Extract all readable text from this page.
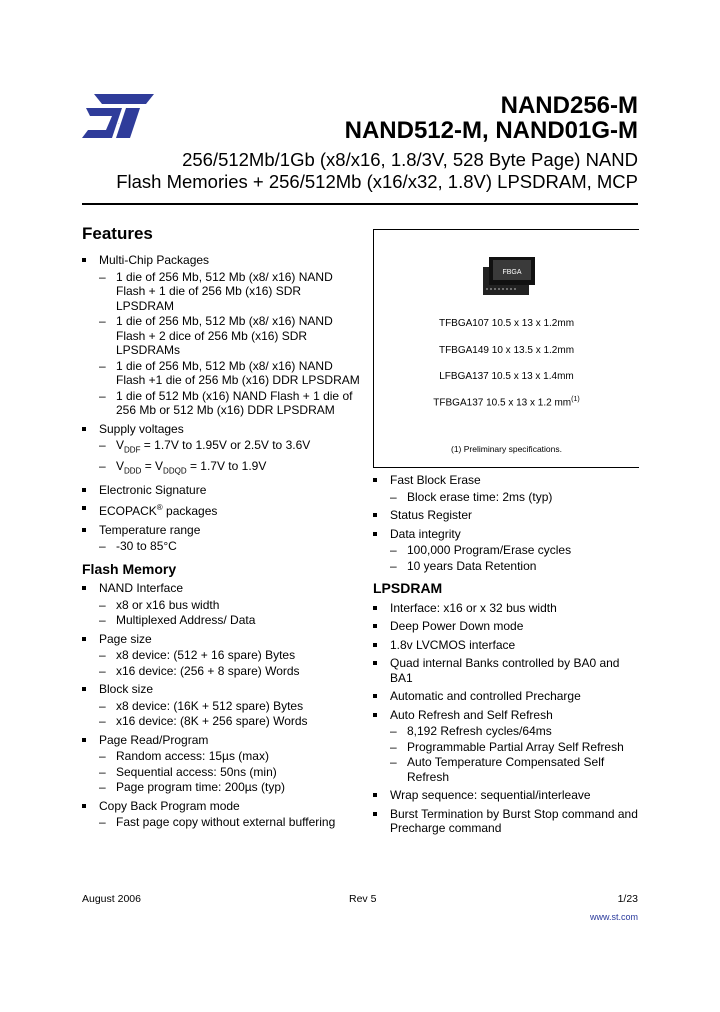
ST
NAND256-M
NAND512-M, NAND01G-M
256/512Mb/1Gb (x8/x16, 1.8/3V, 528 Byte Page) NAND
Flash Memories + 256/512Mb (x16/x32, 1.8V) LPSDRAM, MCP
Features
Multi-Chip Packages
– 1 die of 256 Mb, 512 Mb (x8/ x16) NAND Flash + 1 die of 256 Mb (x16) SDR LPSDRAM
– 1 die of 256 Mb, 512 Mb (x8/ x16) NAND Flash + 2 dice of 256 Mb (x16) SDR LPSDRAMs
– 1 die of 256 Mb, 512 Mb (x8/ x16) NAND Flash +1 die of 256 Mb (x16) DDR LPSDRAM
– 1 die of 512 Mb (x16) NAND Flash + 1 die of 256 Mb or 512 Mb (x16) DDR LPSDRAM
Supply voltages
– $V_{DDF} = 1.7V$ to 1.95V or 2.5V to 3.6V
– $V_{DDD} = V_{DDQD} = 1.7V$ to 1.9V
Electronic Signature
ECOPACK® packages
Temperature range
– -30 to 85°C
Flash Memory
NAND Interface
– x8 or x16 bus width
– Multiplexed Address/ Data
Page size
– x8 device: (512 + 16 spare) Bytes
– x16 device: (256 + 8 spare) Words
Block size
– x8 device: (16K + 512 spare) Bytes
– x16 device: (8K + 256 spare) Words
Page Read/Program
– Random access: 15µs (max)
– Sequential access: 50ns (min)
– Page program time: 200µs (typ)
Copy Back Program mode
– Fast page copy without external buffering
FBGA
TFBGA107 10.5 x 13 x 1.2mm
TFBGA149 10 x 13.5 x 1.2mm
LFBGA137 10.5 x 13 x 1.4mm
TFBGA137 10.5 x 13 x 1.2 $mm^{(1)}$
(1) Preliminary specifications.
Fast Block Erase
– Block erase time: 2ms (typ)
Status Register
Data integrity
– 100,000 Program/Erase cycles
– 10 years Data Retention
LPSDRAM
Interface: x16 or x 32 bus width
Deep Power Down mode
1.8v LVCMOS interface
Quad internal Banks controlled by BA0 and BA1
Automatic and controlled Precharge
Auto Refresh and Self Refresh
– 8,192 Refresh cycles/64ms
– Programmable Partial Array Self Refresh
– Auto Temperature Compensated Self Refresh
Wrap sequence: sequential/interleave
Burst Termination by Burst Stop command and Precharge command
August 2006	Rev 5	1/23
www.st.com
